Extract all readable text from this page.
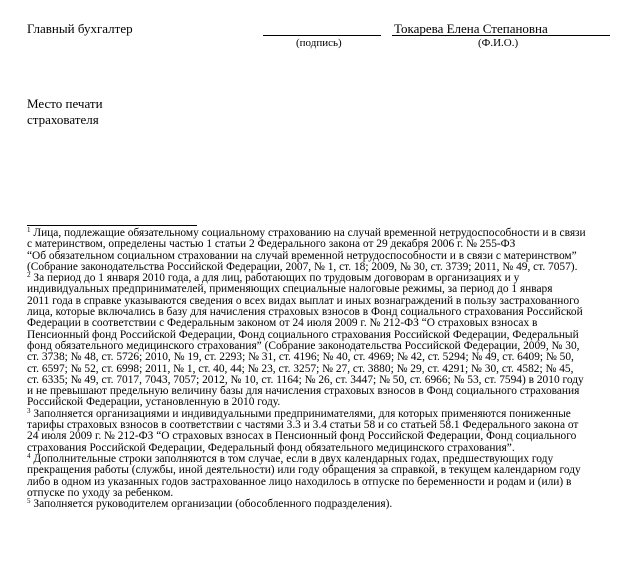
Главный бухгалтер	Токарева Елена Степановна
(подпись)	(Ф.И.О.)
Место печати
страхователя
$^1$ Лица, подлежащие обязательному социальному страхованию на случай временной нетрудоспособности и в связи
с материнством, определены частью 1 статьи 2 Федерального закона от 29 декабря 2006 г. № 255-ФЗ
“Об обязательном социальном страховании на случай временной нетрудоспособности и в связи с материнством”
(Собрание законодательства Российской Федерации, 2007, № 1, ст. 18; 2009, № 30, ст. 3739; 2011, № 49, ст. 7057).
$^2$ За период до 1 января 2010 года, а для лиц, работающих по трудовым договорам в организациях и у
индивидуальных предпринимателей, применяющих специальные налоговые режимы, за период до 1 января
2011 года в справке указываются сведения о всех видах выплат и иных вознаграждений в пользу застрахованного
лица, которые включались в базу для начисления страховых взносов в Фонд социального страхования Российской
Федерации в соответствии с Федеральным законом от 24 июля 2009 г. № 212-ФЗ “О страховых взносах в
Пенсионный фонд Российской Федерации, Фонд социального страхования Российской Федерации, Федеральный
фонд обязательного медицинского страхования” (Собрание законодательства Российской Федерации, 2009, № 30,
ст. 3738; № 48, ст. 5726; 2010, № 19, ст. 2293; № 31, ст. 4196; № 40, ст. 4969; № 42, ст. 5294; № 49, ст. 6409; № 50,
ст. 6597; № 52, ст. 6998; 2011, № 1, ст. 40, 44; № 23, ст. 3257; № 27, ст. 3880; № 29, ст. 4291; № 30, ст. 4582; № 45,
ст. 6335; № 49, ст. 7017, 7043, 7057; 2012, № 10, ст. 1164; № 26, ст. 3447; № 50, ст. 6966; № 53, ст. 7594) в 2010 году
и не превышают предельную величину базы для начисления страховых взносов в Фонд социального страхования
Российской Федерации, установленную в 2010 году.
$^3$ Заполняется организациями и индивидуальными предпринимателями, для которых применяются пониженные
тарифы страховых взносов в соответствии с частями 3.3 и 3.4 статьи 58 и со статьей 58.1 Федерального закона от
24 июля 2009 г. № 212-ФЗ “О страховых взносах в Пенсионный фонд Российской Федерации, Фонд социального
страхования Российской Федерации, Федеральный фонд обязательного медицинского страхования”.
$^4$ Дополнительные строки заполняются в том случае, если в двух календарных годах, предшествующих году
прекращения работы (службы, иной деятельности) или году обращения за справкой, в текущем календарном году
либо в одном из указанных годов застрахованное лицо находилось в отпуске по беременности и родам и (или) в
отпуске по уходу за ребенком.
$^5$ Заполняется руководителем организации (обособленного подразделения).
